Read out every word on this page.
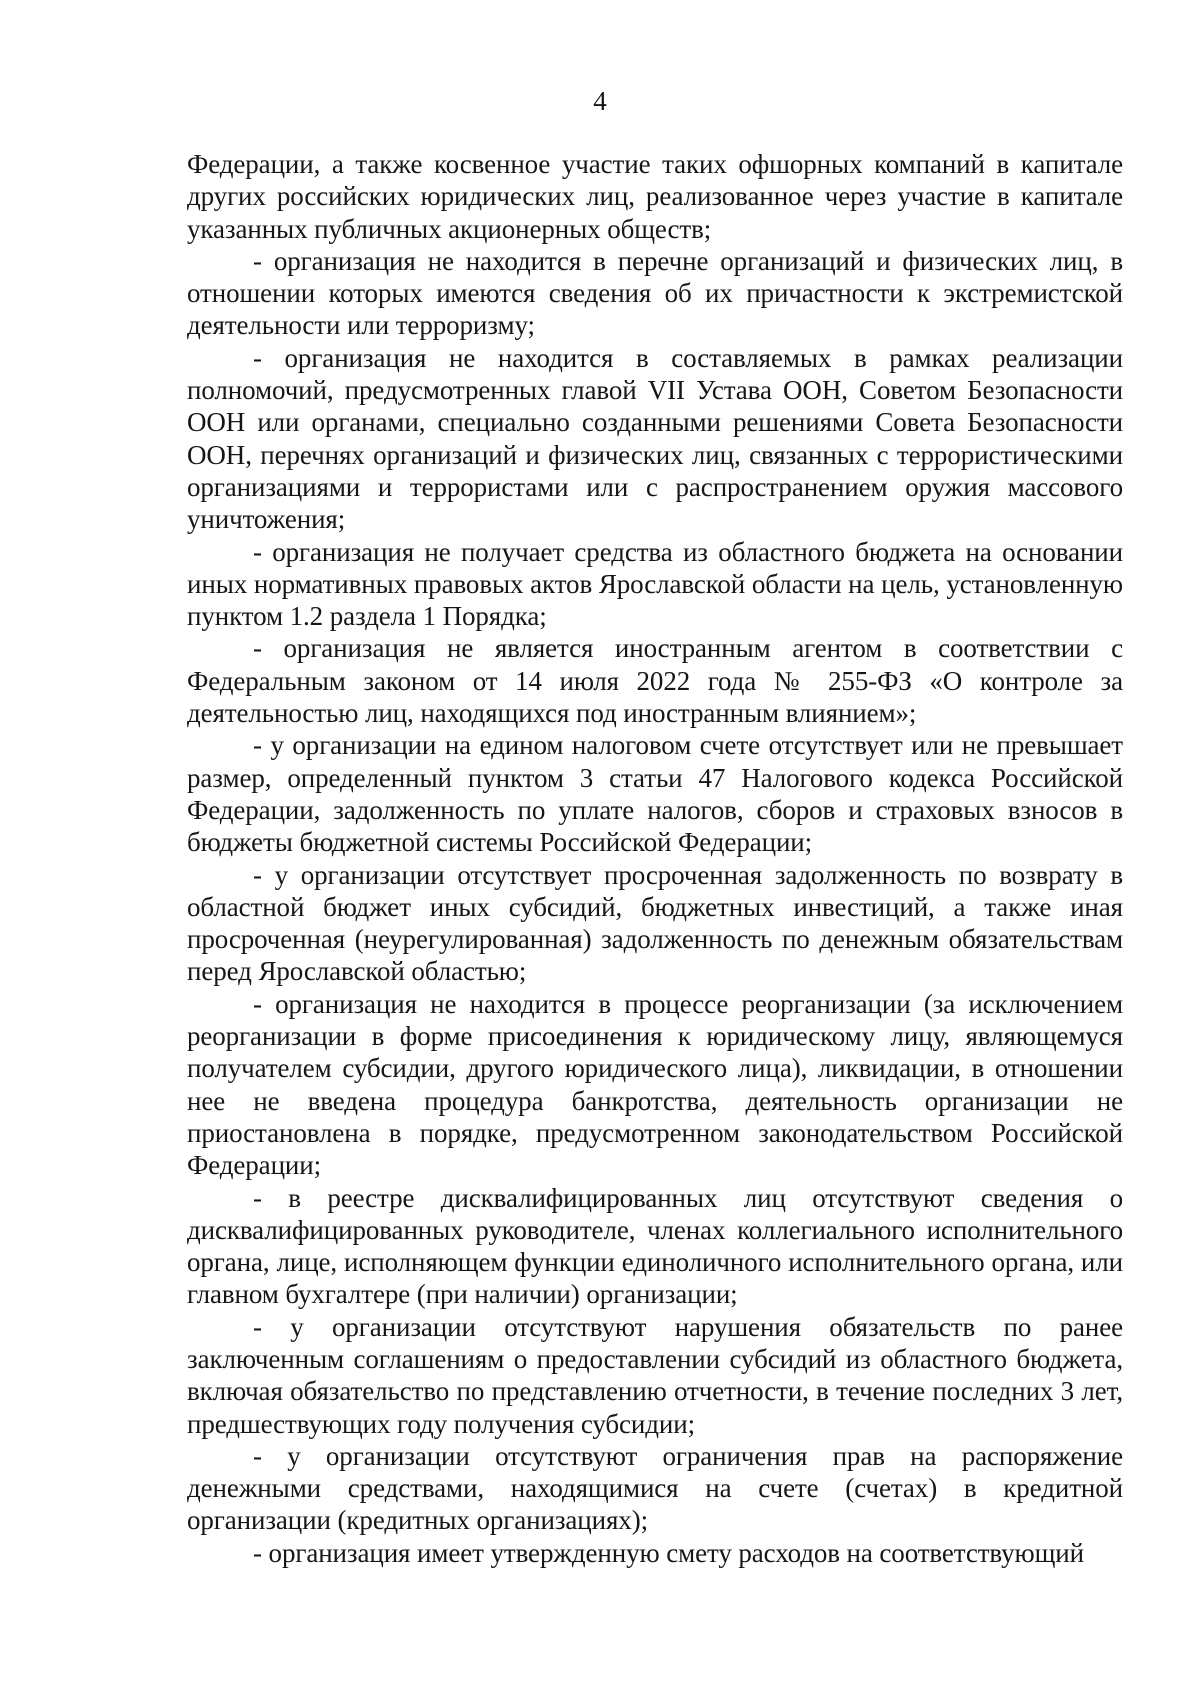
4

Федерации, а также косвенное участие таких офшорных компаний в капитале других российских юридических лиц, реализованное через участие в капитале указанных публичных акционерных обществ;

- организация не находится в перечне организаций и физических лиц, в отношении которых имеются сведения об их причастности к экстремистской деятельности или терроризму;

- организация не находится в составляемых в рамках реализации полномочий, предусмотренных главой VII Устава ООН, Советом Безопасности ООН или органами, специально созданными решениями Совета Безопасности ООН, перечнях организаций и физических лиц, связанных с террористическими организациями и террористами или с распространением оружия массового уничтожения;

- организация не получает средства из областного бюджета на основании иных нормативных правовых актов Ярославской области на цель, установленную пунктом 1.2 раздела 1 Порядка;

- организация не является иностранным агентом в соответствии с Федеральным законом от 14 июля 2022 года № 255-ФЗ «О контроле за деятельностью лиц, находящихся под иностранным влиянием»;

- у организации на едином налоговом счете отсутствует или не превышает размер, определенный пунктом 3 статьи 47 Налогового кодекса Российской Федерации, задолженность по уплате налогов, сборов и страховых взносов в бюджеты бюджетной системы Российской Федерации;

- у организации отсутствует просроченная задолженность по возврату в областной бюджет иных субсидий, бюджетных инвестиций, а также иная просроченная (неурегулированная) задолженность по денежным обязательствам перед Ярославской областью;

- организация не находится в процессе реорганизации (за исключением реорганизации в форме присоединения к юридическому лицу, являющемуся получателем субсидии, другого юридического лица), ликвидации, в отношении нее не введена процедура банкротства, деятельность организации не приостановлена в порядке, предусмотренном законодательством Российской Федерации;

- в реестре дисквалифицированных лиц отсутствуют сведения о дисквалифицированных руководителе, членах коллегиального исполнительного органа, лице, исполняющем функции единоличного исполнительного органа, или главном бухгалтере (при наличии) организации;

- у организации отсутствуют нарушения обязательств по ранее заключенным соглашениям о предоставлении субсидий из областного бюджета, включая обязательство по представлению отчетности, в течение последних 3 лет, предшествующих году получения субсидии;

- у организации отсутствуют ограничения прав на распоряжение денежными средствами, находящимися на счете (счетах) в кредитной организации (кредитных организациях);

- организация имеет утвержденную смету расходов на соответствующий
